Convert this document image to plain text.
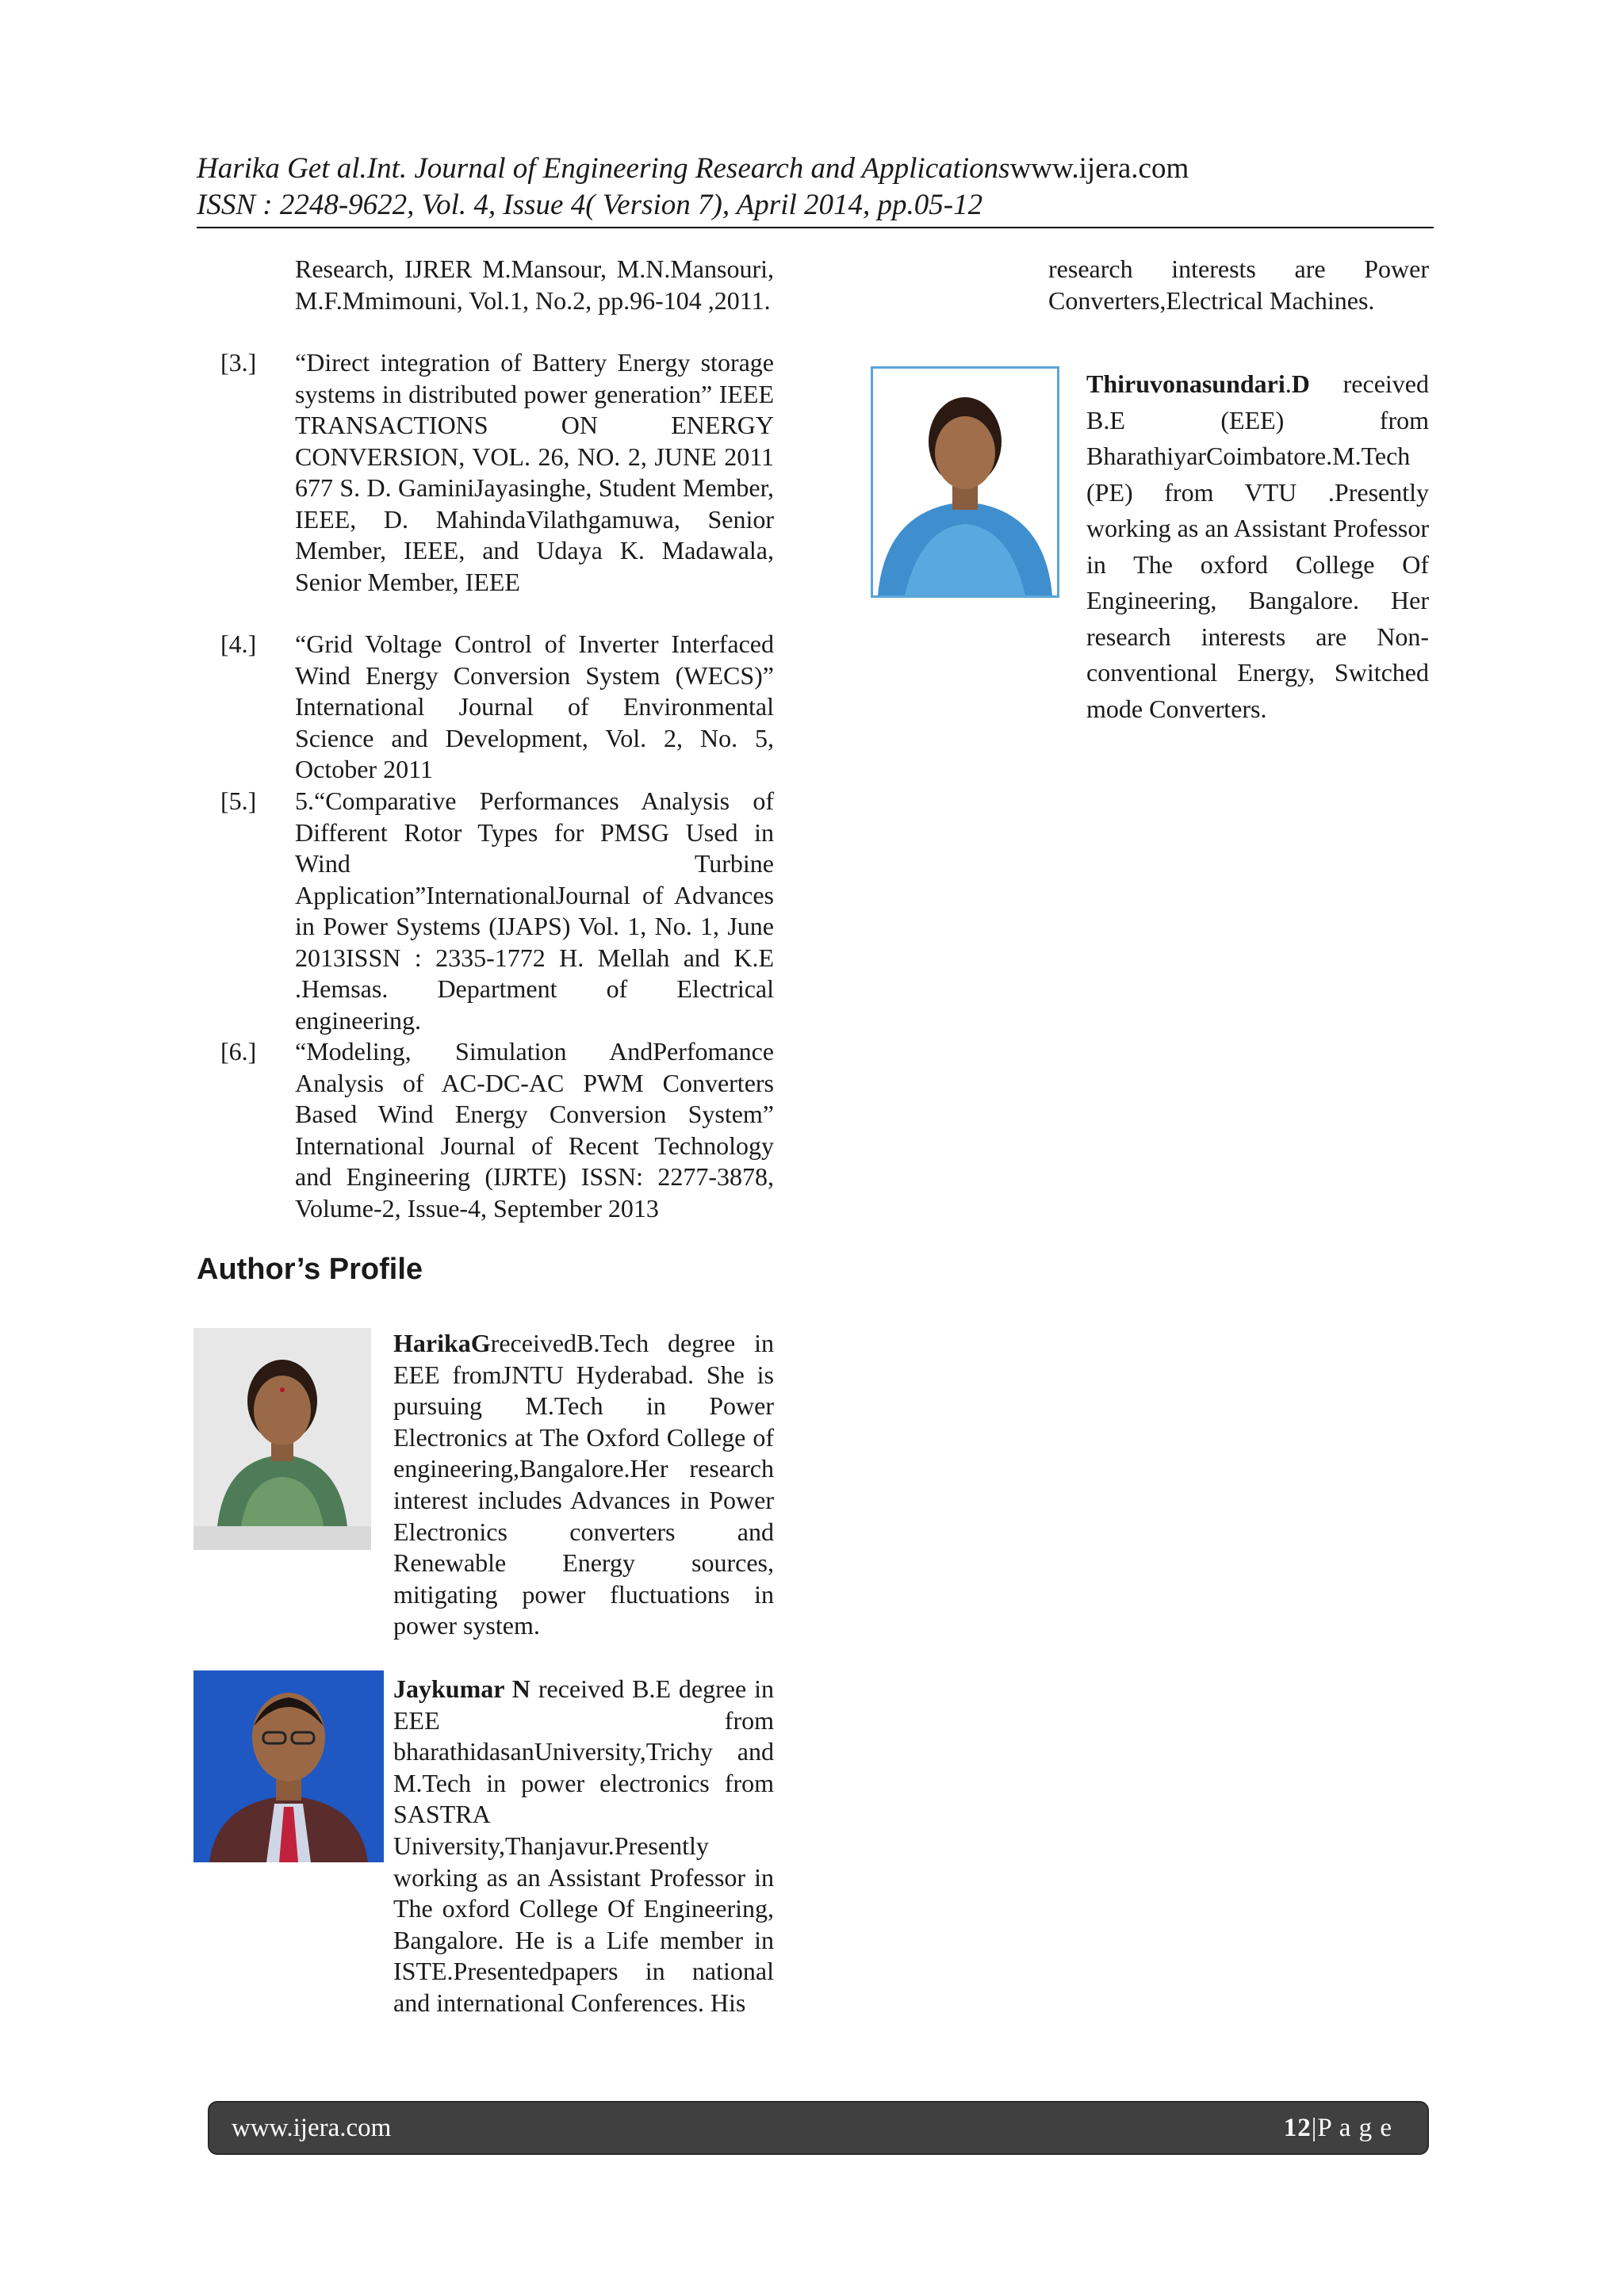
Harika Get al.Int. Journal of Engineering Research and Applicationswww.ijera.com
ISSN : 2248-9622, Vol. 4, Issue 4( Version 7), April 2014, pp.05-12
Research, IJRER M.Mansour, M.N.Mansouri, M.F.Mmimouni, Vol.1, No.2, pp.96-104 ,2011.
[3.] “Direct integration of Battery Energy storage systems in distributed power generation” IEEE TRANSACTIONS ON ENERGY CONVERSION, VOL. 26, NO. 2, JUNE 2011 677 S. D. GaminiJayasinghe, Student Member, IEEE, D. MahindaVilathgamuwa, Senior Member, IEEE, and Udaya K. Madawala, Senior Member, IEEE
[4.] “Grid Voltage Control of Inverter Interfaced Wind Energy Conversion System (WECS)” International Journal of Environmental Science and Development, Vol. 2, No. 5, October 2011
[5.] 5.“Comparative Performances Analysis of Different Rotor Types for PMSG Used in Wind Turbine Application”InternationalJournal of Advances in Power Systems (IJAPS) Vol. 1, No. 1, June 2013ISSN : 2335-1772 H. Mellah and K.E .Hemsas. Department of Electrical engineering.
[6.] “Modeling, Simulation AndPerfomance Analysis of AC-DC-AC PWM Converters Based Wind Energy Conversion System” International Journal of Recent Technology and Engineering (IJRTE) ISSN: 2277-3878, Volume-2, Issue-4, September 2013
Author’s Profile
HarikaGreceivedB.Tech degree in EEE fromJNTU Hyderabad. She is pursuing M.Tech in Power Electronics at The Oxford College of engineering,Bangalore.Her research interest includes Advances in Power Electronics converters and Renewable Energy sources, mitigating power fluctuations in power system.
Jaykumar N received B.E degree in EEE from bharathidasanUniversity,Trichy and M.Tech in power electronics from SASTRA University,Thanjavur.Presently working as an Assistant Professor in The oxford College Of Engineering, Bangalore. He is a Life member in ISTE.Presentedpapers in national and international Conferences. His
research interests are Power Converters,Electrical Machines.
Thiruvonasundari.D received B.E (EEE) from BharathiyarCoimbatore.M.Tech (PE) from VTU .Presently working as an Assistant Professor in The oxford College Of Engineering, Bangalore. Her research interests are Non-conventional Energy, Switched mode Converters.
www.ijera.com	12|P a g e
